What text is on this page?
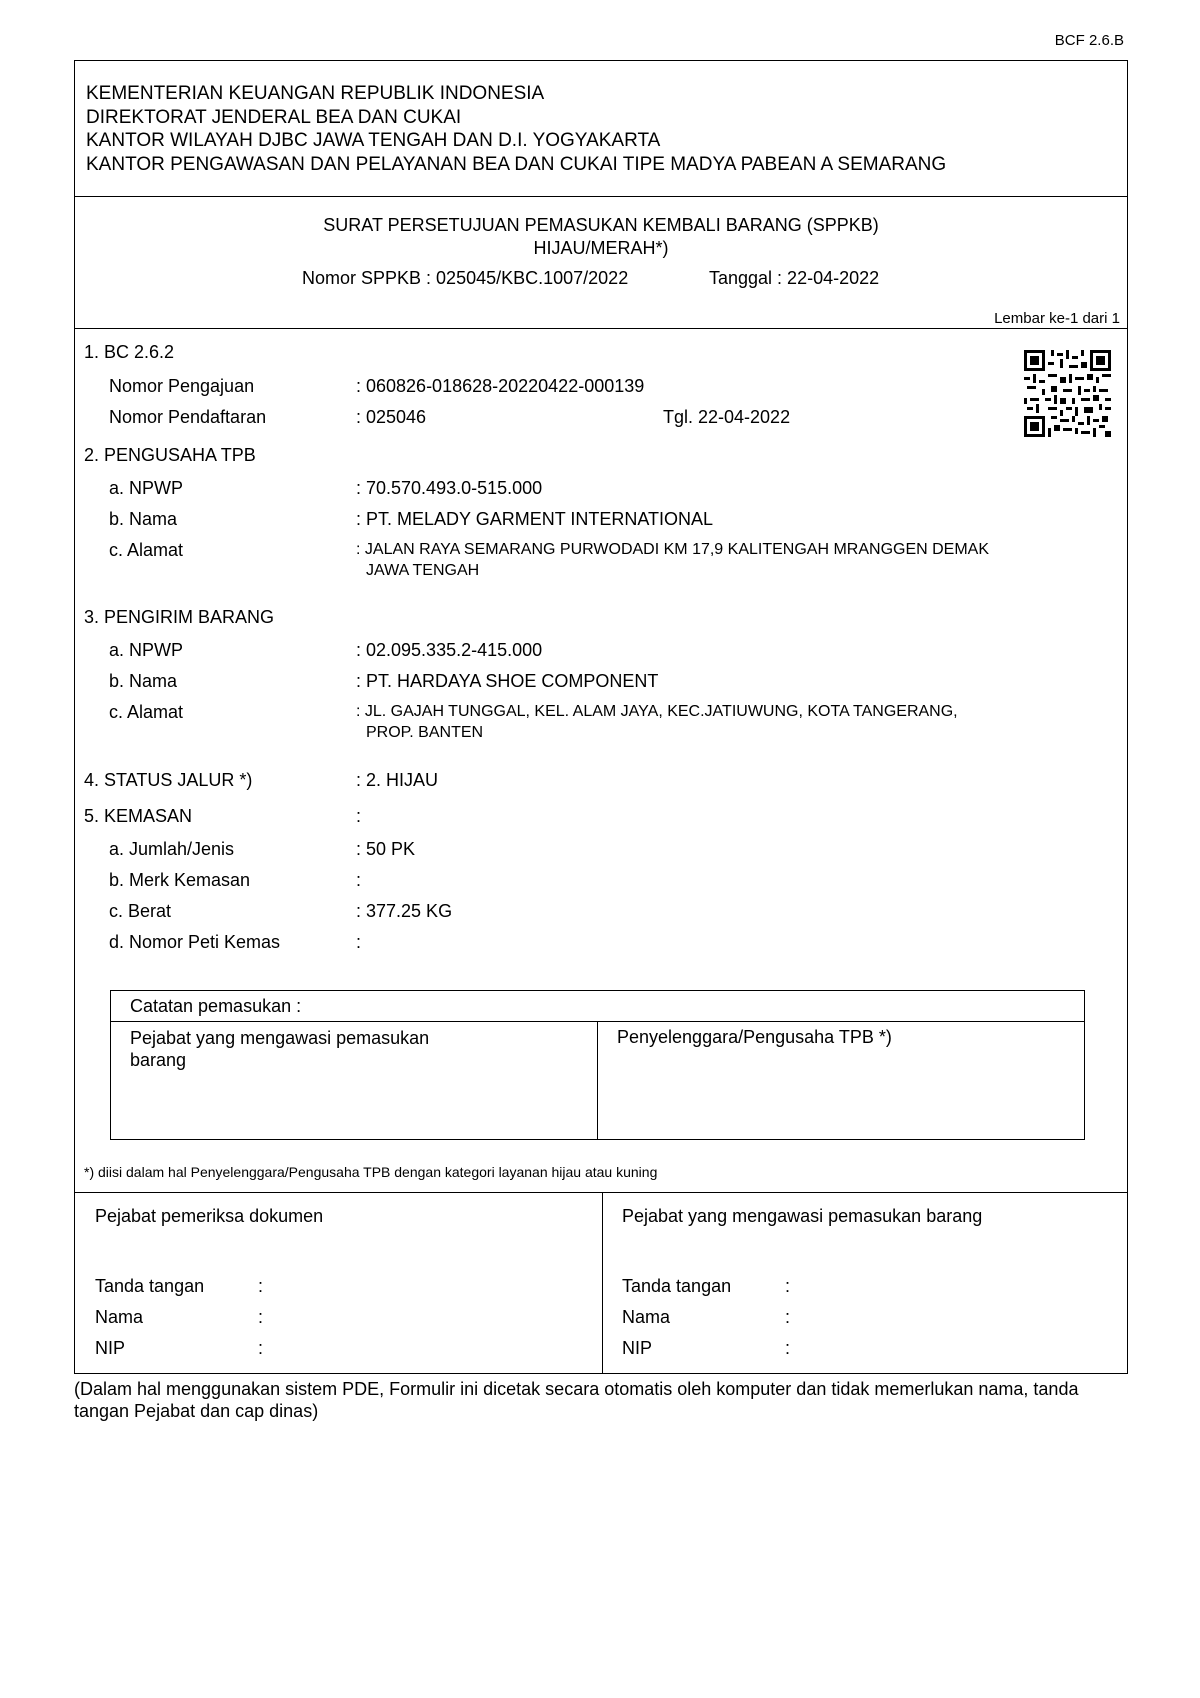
BCF 2.6.B
KEMENTERIAN KEUANGAN REPUBLIK INDONESIA
DIREKTORAT JENDERAL BEA DAN CUKAI
KANTOR WILAYAH DJBC JAWA TENGAH DAN D.I. YOGYAKARTA
KANTOR PENGAWASAN DAN PELAYANAN BEA DAN CUKAI TIPE MADYA PABEAN A SEMARANG
SURAT PERSETUJUAN PEMASUKAN KEMBALI BARANG (SPPKB)
HIJAU/MERAH*)
Nomor SPPKB : 025045/KBC.1007/2022	Tanggal : 22-04-2022
Lembar ke-1 dari 1
1. BC 2.6.2
Nomor Pengajuan	: 060826-018628-20220422-000139
Nomor Pendaftaran	: 025046	Tgl. 22-04-2022
2. PENGUSAHA TPB
a. NPWP	: 70.570.493.0-515.000
b. Nama	: PT. MELADY GARMENT INTERNATIONAL
c. Alamat	: JALAN RAYA SEMARANG PURWODADI KM 17,9 KALITENGAH MRANGGEN DEMAK
JAWA TENGAH
3. PENGIRIM BARANG
a. NPWP	: 02.095.335.2-415.000
b. Nama	: PT. HARDAYA SHOE COMPONENT
c. Alamat	: JL. GAJAH TUNGGAL, KEL. ALAM JAYA, KEC.JATIUWUNG, KOTA TANGERANG,
PROP. BANTEN
4. STATUS JALUR *)	: 2. HIJAU
5. KEMASAN	:
a. Jumlah/Jenis	: 50 PK
b. Merk Kemasan	:
c. Berat	: 377.25 KG
d. Nomor Peti Kemas	:
Catatan pemasukan :
Pejabat yang mengawasi pemasukan
barang
Penyelenggara/Pengusaha TPB *)
*) diisi dalam hal Penyelenggara/Pengusaha TPB dengan kategori layanan hijau atau kuning
Pejabat pemeriksa dokumen
Tanda tangan	:
Nama	:
NIP	:
Pejabat yang mengawasi pemasukan barang
Tanda tangan	:
Nama	:
NIP	:
(Dalam hal menggunakan sistem PDE, Formulir ini dicetak secara otomatis oleh komputer dan tidak memerlukan nama, tanda tangan Pejabat dan cap dinas)
